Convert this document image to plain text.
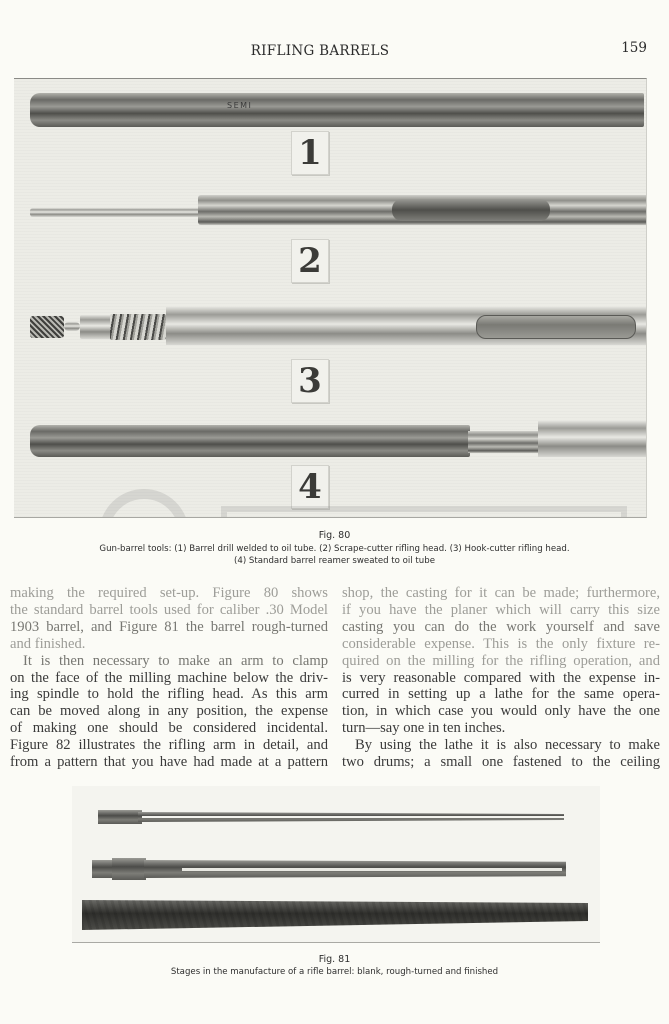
RIFLING BARRELS	159
SEMI
1
2
3
4
Fig. 80
Gun-barrel tools: (1) Barrel drill welded to oil tube. (2) Scrape-cutter rifling head. (3) Hook-cutter rifling head.
(4) Standard barrel reamer sweated to oil tube

making the required set-up. Figure 80 shows
the standard barrel tools used for caliber .30 Model
1903 barrel, and Figure 81 the barrel rough-turned
and finished.

It is then necessary to make an arm to clamp
on the face of the milling machine below the driv-
ing spindle to hold the rifling head. As this arm
can be moved along in any position, the expense
of making one should be considered incidental.
Figure 82 illustrates the rifling arm in detail, and
from a pattern that you have had made at a pattern

shop, the casting for it can be made; furthermore,
if you have the planer which will carry this size
casting you can do the work yourself and save
considerable expense. This is the only fixture re-
quired on the milling for the rifling operation, and
is very reasonable compared with the expense in-
curred in setting up a lathe for the same opera-
tion, in which case you would only have the one
turn—say one in ten inches.

By using the lathe it is also necessary to make
two drums; a small one fastened to the ceiling

Fig. 81
Stages in the manufacture of a rifle barrel: blank, rough-turned and finished
